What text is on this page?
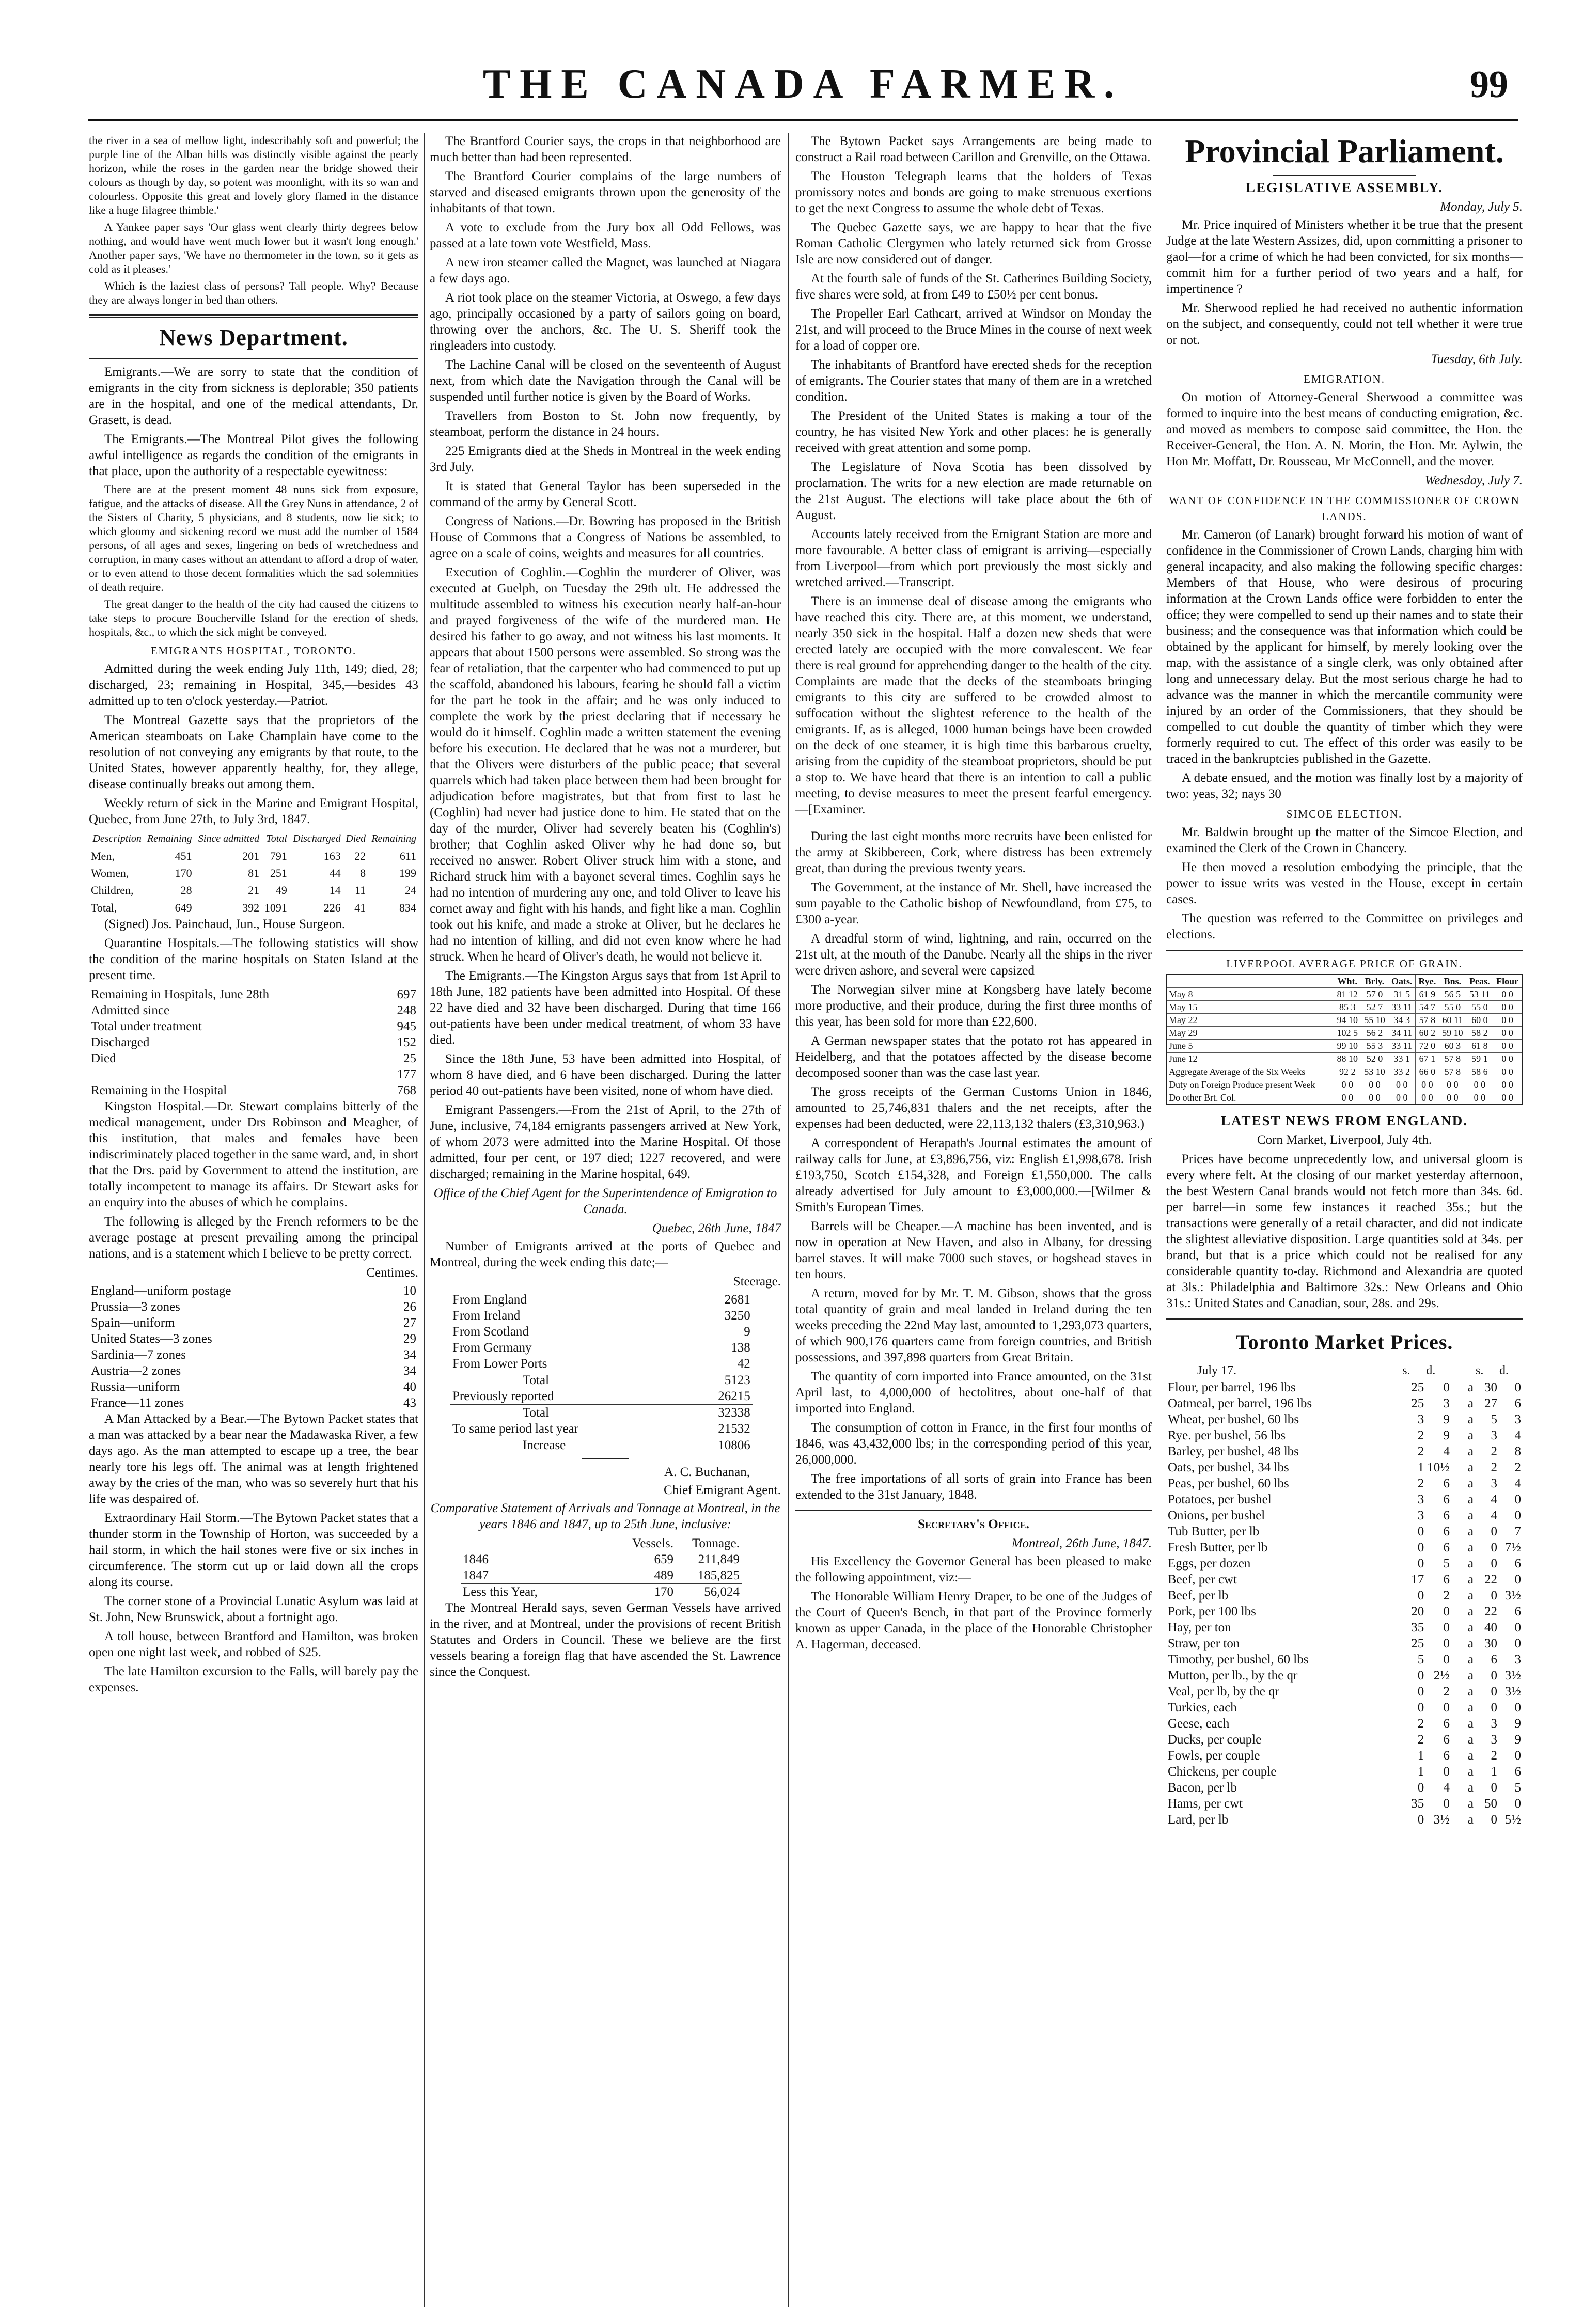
THE CANADA FARMER.	99

the river in a sea of mellow light, indescribably soft and powerful; the purple line of the Alban hills was distinctly visible against the pearly horizon, while the roses in the garden near the bridge showed their colours as though by day, so potent was moonlight, with its so wan and colourless. Opposite this great and lovely glory flamed in the distance like a huge filagree thimble.'

A Yankee paper says 'Our glass went clearly thirty degrees below nothing, and would have went much lower but it wasn't long enough.' Another paper says, 'We have no thermometer in the town, so it gets as cold as it pleases.'

Which is the laziest class of persons? Tall people. Why? Because they are always longer in bed than others.

News Department.

Emigrants.—We are sorry to state that the condition of emigrants in the city from sickness is deplorable; 350 patients are in the hospital, and one of the medical attendants, Dr. Grasett, is dead.

The Emigrants.—The Montreal Pilot gives the following awful intelligence as regards the condition of the emigrants in that place, upon the authority of a respectable eyewitness:

There are at the present moment 48 nuns sick from exposure, fatigue, and the attacks of disease. All the Grey Nuns in attendance, 2 of the Sisters of Charity, 5 physicians, and 8 students, now lie sick; to which gloomy and sickening record we must add the number of 1584 persons, of all ages and sexes, lingering on beds of wretchedness and corruption, in many cases without an attendant to afford a drop of water, or to even attend to those decent formalities which the sad solemnities of death require.

The great danger to the health of the city had caused the citizens to take steps to procure Boucherville Island for the erection of sheds, hospitals, &c., to which the sick might be conveyed.

EMIGRANTS HOSPITAL, TORONTO.

Admitted during the week ending July 11th, 149; died, 28; discharged, 23; remaining in Hospital, 345,—besides 43 admitted up to ten o'clock yesterday.—Patriot.

The Montreal Gazette says that the proprietors of the American steamboats on Lake Champlain have come to the resolution of not conveying any emigrants by that route, to the United States, however apparently healthy, for, they allege, disease continually breaks out among them.

Weekly return of sick in the Marine and Emigrant Hospital, Quebec, from June 27th, to July 3rd, 1847.

Description	Remaining	Since admitted	Total	Discharged	Died	Remaining
Men,	451	201	791	163	22	611
Women,	170	81	251	44	8	199
Children,	28	21	49	14	11	24
Total,	649	392	1091	226	41	834

(Signed) Jos. Painchaud, Jun., House Surgeon.

Quarantine Hospitals.—The following statistics will show the condition of the marine hospitals on Staten Island at the present time.

Remaining in Hospitals, June 28th	697
Admitted since	248
Total under treatment	945
Discharged	152
Died	25
	177
Remaining in the Hospital	768

Kingston Hospital.—Dr. Stewart complains bitterly of the medical management, under Drs Robinson and Meagher, of this institution, that males and females have been indiscriminately placed together in the same ward, and, in short that the Drs. paid by Government to attend the institution, are totally incompetent to manage its affairs. Dr Stewart asks for an enquiry into the abuses of which he complains.

The following is alleged by the French reformers to be the average postage at present prevailing among the principal nations, and is a statement which I believe to be pretty correct.

Centimes.
England—uniform postage	10
Prussia—3 zones	26
Spain—uniform	27
United States—3 zones	29
Sardinia—7 zones	34
Austria—2 zones	34
Russia—uniform	40
France—11 zones	43

A Man Attacked by a Bear.—The Bytown Packet states that a man was attacked by a bear near the Madawaska River, a few days ago. As the man attempted to escape up a tree, the bear nearly tore his legs off. The animal was at length frightened away by the cries of the man, who was so severely hurt that his life was despaired of.

Extraordinary Hail Storm.—The Bytown Packet states that a thunder storm in the Township of Horton, was succeeded by a hail storm, in which the hail stones were five or six inches in circumference. The storm cut up or laid down all the crops along its course.

The corner stone of a Provincial Lunatic Asylum was laid at St. John, New Brunswick, about a fortnight ago.

A toll house, between Brantford and Hamilton, was broken open one night last week, and robbed of $25.

The late Hamilton excursion to the Falls, will barely pay the expenses.

The Brantford Courier says, the crops in that neighborhood are much better than had been represented.

The Brantford Courier complains of the large numbers of starved and diseased emigrants thrown upon the generosity of the inhabitants of that town.

A vote to exclude from the Jury box all Odd Fellows, was passed at a late town vote Westfield, Mass.

A new iron steamer called the Magnet, was launched at Niagara a few days ago.

A riot took place on the steamer Victoria, at Oswego, a few days ago, principally occasioned by a party of sailors going on board, throwing over the anchors, &c. The U. S. Sheriff took the ringleaders into custody.

The Lachine Canal will be closed on the seventeenth of August next, from which date the Navigation through the Canal will be suspended until further notice is given by the Board of Works.

Travellers from Boston to St. John now frequently, by steamboat, perform the distance in 24 hours.

225 Emigrants died at the Sheds in Montreal in the week ending 3rd July.

It is stated that General Taylor has been superseded in the command of the army by General Scott.

Congress of Nations.—Dr. Bowring has proposed in the British House of Commons that a Congress of Nations be assembled, to agree on a scale of coins, weights and measures for all countries.

Execution of Coghlin.—Coghlin the murderer of Oliver, was executed at Guelph, on Tuesday the 29th ult. He addressed the multitude assembled to witness his execution nearly half-an-hour and prayed forgiveness of the wife of the murdered man. He desired his father to go away, and not witness his last moments. It appears that about 1500 persons were assembled. So strong was the fear of retaliation, that the carpenter who had commenced to put up the scaffold, abandoned his labours, fearing he should fall a victim for the part he took in the affair; and he was only induced to complete the work by the priest declaring that if necessary he would do it himself. Coghlin made a written statement the evening before his execution. He declared that he was not a murderer, but that the Olivers were disturbers of the public peace; that several quarrels which had taken place between them had been brought for adjudication before magistrates, but that from first to last he (Coghlin) had never had justice done to him. He stated that on the day of the murder, Oliver had severely beaten his (Coghlin's) brother; that Coghlin asked Oliver why he had done so, but received no answer. Robert Oliver struck him with a stone, and Richard struck him with a bayonet several times. Coghlin says he had no intention of murdering any one, and told Oliver to leave his cornet away and fight with his hands, and fight like a man. Coghlin took out his knife, and made a stroke at Oliver, but he declares he had no intention of killing, and did not even know where he had struck. When he heard of Oliver's death, he would not believe it.

The Emigrants.—The Kingston Argus says that from 1st April to 18th June, 182 patients have been admitted into Hospital. Of these 22 have died and 32 have been discharged. During that time 166 out-patients have been under medical treatment, of whom 33 have died.

Since the 18th June, 53 have been admitted into Hospital, of whom 8 have died, and 6 have been discharged. During the latter period 40 out-patients have been visited, none of whom have died.

Emigrant Passengers.—From the 21st of April, to the 27th of June, inclusive, 74,184 emigrants passengers arrived at New York, of whom 2073 were admitted into the Marine Hospital. Of those admitted, four per cent, or 197 died; 1227 recovered, and were discharged; remaining in the Marine hospital, 649.

Office of the Chief Agent for the Superintendence of Emigration to Canada.

Quebec, 26th June, 1847

Number of Emigrants arrived at the ports of Quebec and Montreal, during the week ending this date;—

Steerage.
From England	2681
From Ireland	3250
From Scotland	9
From Germany	138
From Lower Ports	42
Total	5123
Previously reported	26215
Total	32338
To same period last year	21532
Increase	10806
A. C. Buchanan,
Chief Emigrant Agent.

Comparative Statement of Arrivals and Tonnage at Montreal, in the years 1846 and 1847, up to 25th June, inclusive:

	Vessels.	Tonnage.
1846	659	211,849
1847	489	185,825
Less this Year,	170	56,024

The Montreal Herald says, seven German Vessels have arrived in the river, and at Montreal, under the provisions of recent British Statutes and Orders in Council. These we believe are the first vessels bearing a foreign flag that have ascended the St. Lawrence since the Conquest.

The Bytown Packet says Arrangements are being made to construct a Rail road between Carillon and Grenville, on the Ottawa.

The Houston Telegraph learns that the holders of Texas promissory notes and bonds are going to make strenuous exertions to get the next Congress to assume the whole debt of Texas.

The Quebec Gazette says, we are happy to hear that the five Roman Catholic Clergymen who lately returned sick from Grosse Isle are now considered out of danger.

At the fourth sale of funds of the St. Catherines Building Society, five shares were sold, at from £49 to £50½ per cent bonus.

The Propeller Earl Cathcart, arrived at Windsor on Monday the 21st, and will proceed to the Bruce Mines in the course of next week for a load of copper ore.

The inhabitants of Brantford have erected sheds for the reception of emigrants. The Courier states that many of them are in a wretched condition.

The President of the United States is making a tour of the country, he has visited New York and other places: he is generally received with great attention and some pomp.

The Legislature of Nova Scotia has been dissolved by proclamation. The writs for a new election are made returnable on the 21st August. The elections will take place about the 6th of August.

Accounts lately received from the Emigrant Station are more and more favourable. A better class of emigrant is arriving—especially from Liverpool—from which port previously the most sickly and wretched arrived.—Transcript.

There is an immense deal of disease among the emigrants who have reached this city. There are, at this moment, we understand, nearly 350 sick in the hospital. Half a dozen new sheds that were erected lately are occupied with the more convalescent. We fear there is real ground for apprehending danger to the health of the city. Complaints are made that the decks of the steamboats bringing emigrants to this city are suffered to be crowded almost to suffocation without the slightest reference to the health of the emigrants. If, as is alleged, 1000 human beings have been crowded on the deck of one steamer, it is high time this barbarous cruelty, arising from the cupidity of the steamboat proprietors, should be put a stop to. We have heard that there is an intention to call a public meeting, to devise measures to meet the present fearful emergency.—[Examiner.

During the last eight months more recruits have been enlisted for the army at Skibbereen, Cork, where distress has been extremely great, than during the previous twenty years.

The Government, at the instance of Mr. Shell, have increased the sum payable to the Catholic bishop of Newfoundland, from £75, to £300 a-year.

A dreadful storm of wind, lightning, and rain, occurred on the 21st ult, at the mouth of the Danube. Nearly all the ships in the river were driven ashore, and several were capsized

The Norwegian silver mine at Kongsberg have lately become more productive, and their produce, during the first three months of this year, has been sold for more than £22,600.

A German newspaper states that the potato rot has appeared in Heidelberg, and that the potatoes affected by the disease become decomposed sooner than was the case last year.

The gross receipts of the German Customs Union in 1846, amounted to 25,746,831 thalers and the net receipts, after the expenses had been deducted, were 22,113,132 thalers (£3,310,963.)

A correspondent of Herapath's Journal estimates the amount of railway calls for June, at £3,896,756, viz: English £1,998,678. Irish £193,750, Scotch £154,328, and Foreign £1,550,000. The calls already advertised for July amount to £3,000,000.—[Wilmer & Smith's European Times.

Barrels will be Cheaper.—A machine has been invented, and is now in operation at New Haven, and also in Albany, for dressing barrel staves. It will make 7000 such staves, or hogshead staves in ten hours.

A return, moved for by Mr. T. M. Gibson, shows that the gross total quantity of grain and meal landed in Ireland during the ten weeks preceding the 22nd May last, amounted to 1,293,073 quarters, of which 900,176 quarters came from foreign countries, and British possessions, and 397,898 quarters from Great Britain.

The quantity of corn imported into France amounted, on the 31st April last, to 4,000,000 of hectolitres, about one-half of that imported into England.

The consumption of cotton in France, in the first four months of 1846, was 43,432,000 lbs; in the corresponding period of this year, 26,000,000.

The free importations of all sorts of grain into France has been extended to the 31st January, 1848.

Secretary's Office.

Montreal, 26th June, 1847.

His Excellency the Governor General has been pleased to make the following appointment, viz:—

The Honorable William Henry Draper, to be one of the Judges of the Court of Queen's Bench, in that part of the Province formerly known as upper Canada, in the place of the Honorable Christopher A. Hagerman, deceased.

Provincial Parliament.
LEGISLATIVE ASSEMBLY.
Monday, July 5.

Mr. Price inquired of Ministers whether it be true that the present Judge at the late Western Assizes, did, upon committing a prisoner to gaol—for a crime of which he had been convicted, for six months—commit him for a further period of two years and a half, for impertinence ?

Mr. Sherwood replied he had received no authentic information on the subject, and consequently, could not tell whether it were true or not.

Tuesday, 6th July.
EMIGRATION.

On motion of Attorney-General Sherwood a committee was formed to inquire into the best means of conducting emigration, &c. and moved as members to compose said committee, the Hon. the Receiver-General, the Hon. A. N. Morin, the Hon. Mr. Aylwin, the Hon Mr. Moffatt, Dr. Rousseau, Mr McConnell, and the mover.

Wednesday, July 7.
WANT OF CONFIDENCE IN THE COMMISSIONER OF CROWN LANDS.

Mr. Cameron (of Lanark) brought forward his motion of want of confidence in the Commissioner of Crown Lands, charging him with general incapacity, and also making the following specific charges: Members of that House, who were desirous of procuring information at the Crown Lands office were forbidden to enter the office; they were compelled to send up their names and to state their business; and the consequence was that information which could be obtained by the applicant for himself, by merely looking over the map, with the assistance of a single clerk, was only obtained after long and unnecessary delay. But the most serious charge he had to advance was the manner in which the mercantile community were injured by an order of the Commissioners, that they should be compelled to cut double the quantity of timber which they were formerly required to cut. The effect of this order was easily to be traced in the bankruptcies published in the Gazette.

A debate ensued, and the motion was finally lost by a majority of two: yeas, 32; nays 30

SIMCOE ELECTION.

Mr. Baldwin brought up the matter of the Simcoe Election, and examined the Clerk of the Crown in Chancery.

He then moved a resolution embodying the principle, that the power to issue writs was vested in the House, except in certain cases.

The question was referred to the Committee on privileges and elections.

LIVERPOOL AVERAGE PRICE OF GRAIN.
	Wht.	Brly.	Oats.	Rye.	Bns.	Peas.	Flour
May 8	81 12	57 0	31 5	61 9	56 5	53 11	0 0
May 15	85 3	52 7	33 11	54 7	55 0	55 0	0 0
May 22	94 10	55 10	34 3	57 8	60 11	60 0	0 0
May 29	102 5	56 2	34 11	60 2	59 10	58 2	0 0
June 5	99 10	55 3	33 11	72 0	60 3	61 8	0 0
June 12	88 10	52 0	33 1	67 1	57 8	59 1	0 0
Aggregate Average of the Six Weeks	92 2	53 10	33 2	66 0	57 8	58 6	0 0
Duty on Foreign Produce present Week	0 0	0 0	0 0	0 0	0 0	0 0	0 0
Do other Brt. Col.	0 0	0 0	0 0	0 0	0 0	0 0	0 0
LATEST NEWS FROM ENGLAND.

Corn Market, Liverpool, July 4th.

Prices have become unprecedently low, and universal gloom is every where felt. At the closing of our market yesterday afternoon, the best Western Canal brands would not fetch more than 34s. 6d. per barrel—in some few instances it reached 35s.; but the transactions were generally of a retail character, and did not indicate the slightest alleviative disposition. Large quantities sold at 34s. per brand, but that is a price which could not be realised for any considerable quantity to-day. Richmond and Alexandria are quoted at 3ls.: Philadelphia and Baltimore 32s.: New Orleans and Ohio 31s.: United States and Canadian, sour, 28s. and 29s.

Toronto Market Prices.
July 17.	s.	d.		s.	d.
Flour, per barrel, 196 lbs	25	0	a	30	0
Oatmeal, per barrel, 196 lbs	25	3	a	27	6
Wheat, per bushel, 60 lbs	3	9	a	5	3
Rye. per bushel, 56 lbs	2	9	a	3	4
Barley, per bushel, 48 lbs	2	4	a	2	8
Oats, per bushel, 34 lbs	1	10½	a	2	2
Peas, per bushel, 60 lbs	2	6	a	3	4
Potatoes, per bushel	3	6	a	4	0
Onions, per bushel	3	6	a	4	0
Tub Butter, per lb	0	6	a	0	7
Fresh Butter, per lb	0	6	a	0	7½
Eggs, per dozen	0	5	a	0	6
Beef, per cwt	17	6	a	22	0
Beef, per lb	0	2	a	0	3½
Pork, per 100 lbs	20	0	a	22	6
Hay, per ton	35	0	a	40	0
Straw, per ton	25	0	a	30	0
Timothy, per bushel, 60 lbs	5	0	a	6	3
Mutton, per lb., by the qr	0	2½	a	0	3½
Veal, per lb, by the qr	0	2	a	0	3½
Turkies, each	0	0	a	0	0
Geese, each	2	6	a	3	9
Ducks, per couple	2	6	a	3	9
Fowls, per couple	1	6	a	2	0
Chickens, per couple	1	0	a	1	6
Bacon, per lb	0	4	a	0	5
Hams, per cwt	35	0	a	50	0
Lard, per lb	0	3½	a	0	5½
